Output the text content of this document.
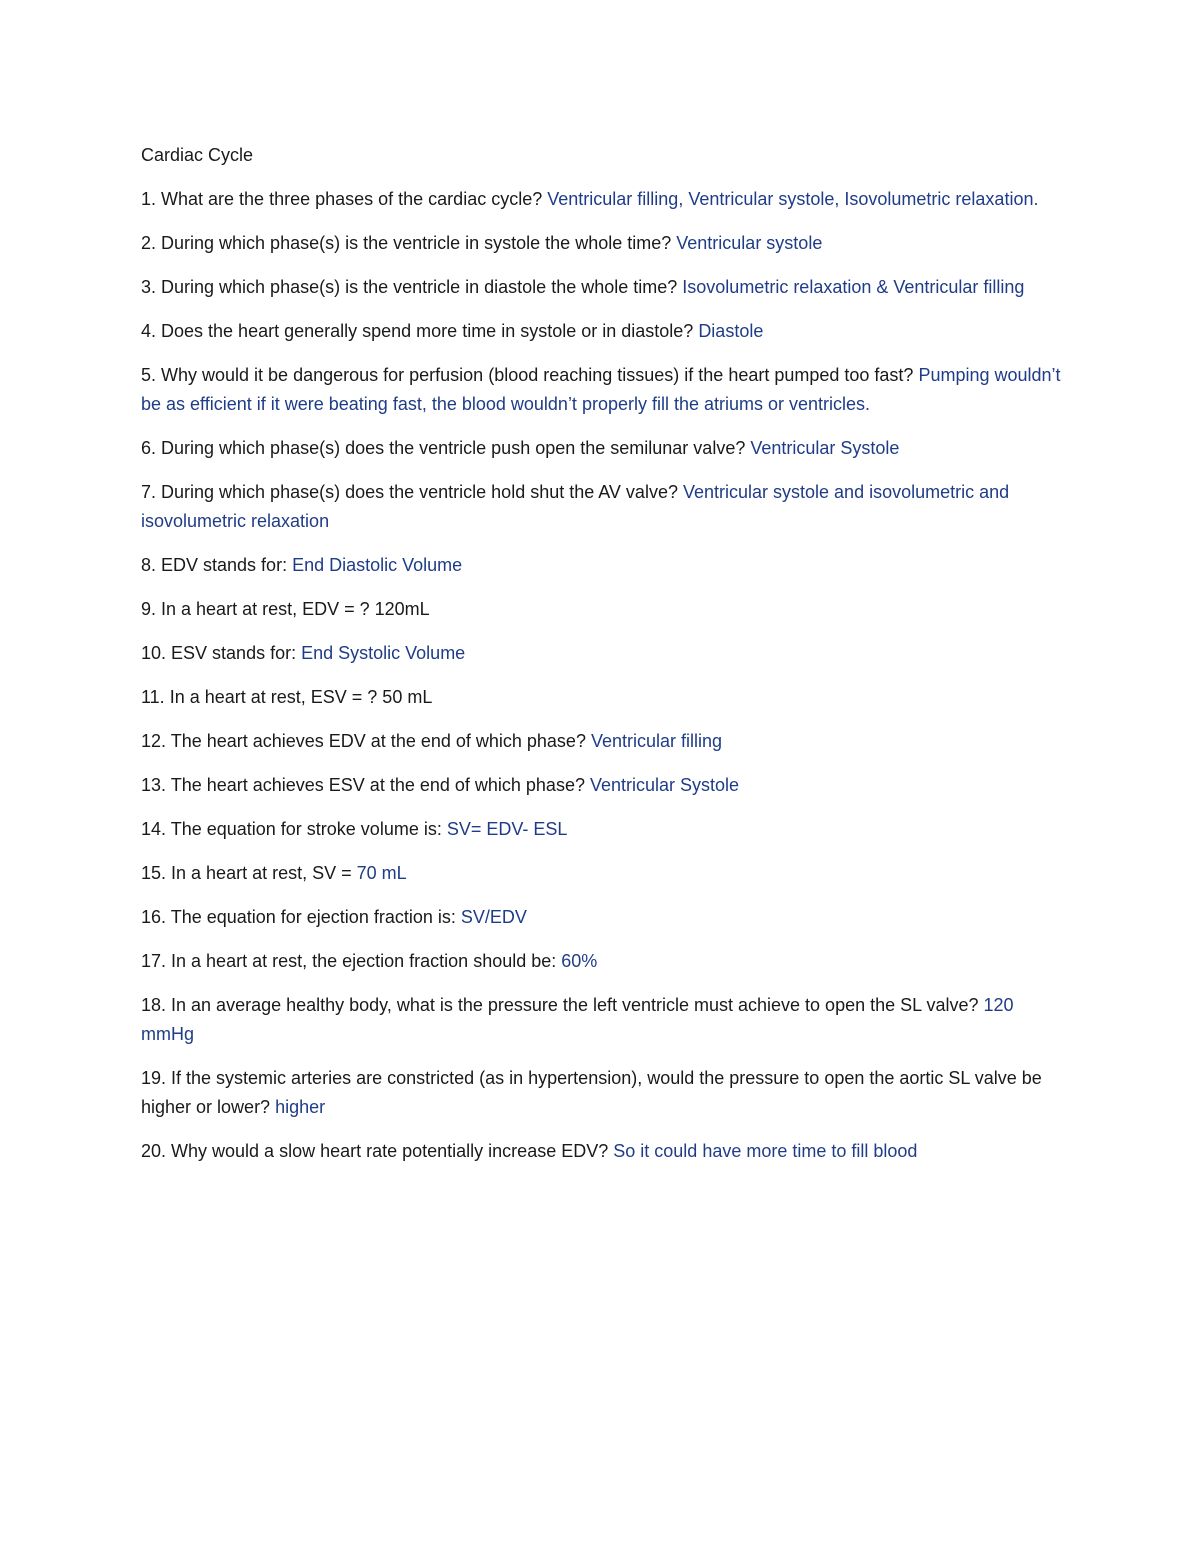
Cardiac Cycle

1. What are the three phases of the cardiac cycle? Ventricular filling, Ventricular systole, Isovolumetric relaxation.

2. During which phase(s) is the ventricle in systole the whole time? Ventricular systole

3. During which phase(s) is the ventricle in diastole the whole time? Isovolumetric relaxation & Ventricular filling

4. Does the heart generally spend more time in systole or in diastole? Diastole

5. Why would it be dangerous for perfusion (blood reaching tissues) if the heart pumped too fast? Pumping wouldn’t be as efficient if it were beating fast, the blood wouldn’t properly fill the atriums or ventricles.

6. During which phase(s) does the ventricle push open the semilunar valve? Ventricular Systole

7. During which phase(s) does the ventricle hold shut the AV valve? Ventricular systole and isovolumetric and isovolumetric relaxation

8. EDV stands for: End Diastolic Volume

9. In a heart at rest, EDV = ? 120mL

10. ESV stands for: End Systolic Volume

11. In a heart at rest, ESV = ? 50 mL

12. The heart achieves EDV at the end of which phase? Ventricular filling

13. The heart achieves ESV at the end of which phase? Ventricular Systole

14. The equation for stroke volume is: SV= EDV- ESL

15. In a heart at rest, SV = 70 mL

16. The equation for ejection fraction is: SV/EDV

17. In a heart at rest, the ejection fraction should be: 60%

18. In an average healthy body, what is the pressure the left ventricle must achieve to open the SL valve? 120 mmHg

19. If the systemic arteries are constricted (as in hypertension), would the pressure to open the aortic SL valve be higher or lower? higher

20. Why would a slow heart rate potentially increase EDV? So it could have more time to fill blood
